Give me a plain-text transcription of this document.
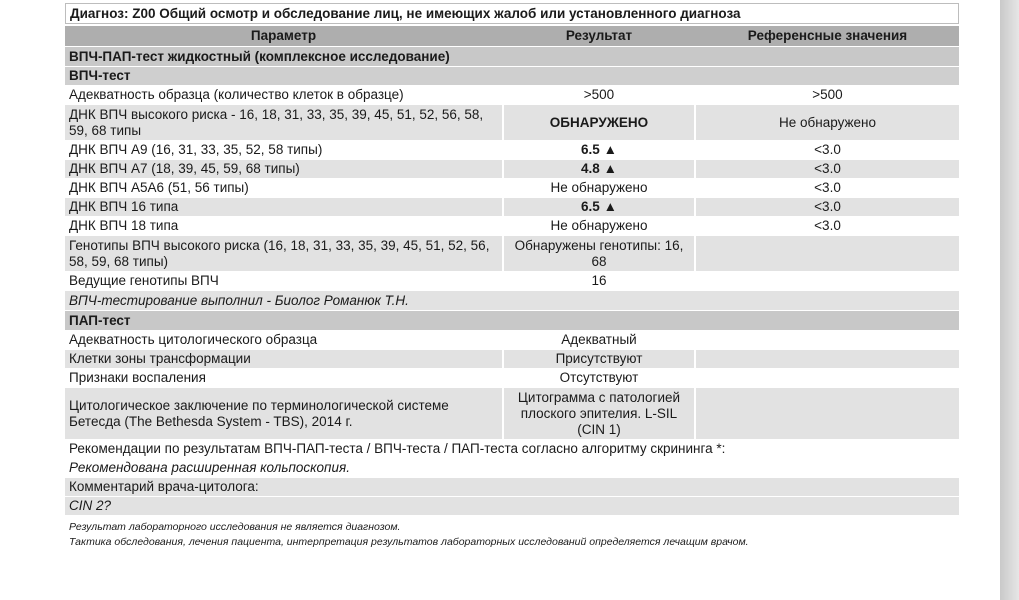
Диагноз: Z00 Общий осмотр и обследование лиц, не имеющих жалоб или установленного диагноза
Параметр	Результат	Референсные значения
ВПЧ-ПАП-тест жидкостный (комплексное исследование)		
ВПЧ-тест		
Адекватность образца (количество клеток в образце)	>500	>500
ДНК ВПЧ высокого риска - 16, 18, 31, 33, 35, 39, 45, 51, 52, 56, 58, 59, 68 типы	ОБНАРУЖЕНО	Не обнаружено
ДНК ВПЧ А9 (16, 31, 33, 35, 52, 58 типы)	6.5 ▲	<3.0
ДНК ВПЧ А7 (18, 39, 45, 59, 68 типы)	4.8 ▲	<3.0
ДНК ВПЧ А5А6 (51, 56 типы)	Не обнаружено	<3.0
ДНК ВПЧ 16 типа	6.5 ▲	<3.0
ДНК ВПЧ 18 типа	Не обнаружено	<3.0
Генотипы ВПЧ высокого риска (16, 18, 31, 33, 35, 39, 45, 51, 52, 56, 58, 59, 68 типы)	Обнаружены генотипы: 16, 68	
Ведущие генотипы ВПЧ	16	
ВПЧ-тестирование выполнил - Биолог Романюк Т.Н.		
ПАП-тест		
Адекватность цитологического образца	Адекватный	
Клетки зоны трансформации	Присутствуют	
Признаки воспаления	Отсутствуют	
Цитологическое заключение по терминологической системе Бетесда (The Bethesda System - TBS), 2014 г.	Цитограмма с патологией плоского эпителия. L-SIL (CIN 1)	
Рекомендации по результатам ВПЧ-ПАП-теста / ВПЧ-теста / ПАП-теста согласно алгоритму скрининга *:		
Рекомендована расширенная кольпоскопия.		
Комментарий врача-цитолога:		
CIN 2?		
Результат лабораторного исследования не является диагнозом.
Тактика обследования, лечения пациента, интерпретация результатов лабораторных исследований определяется лечащим врачом.
